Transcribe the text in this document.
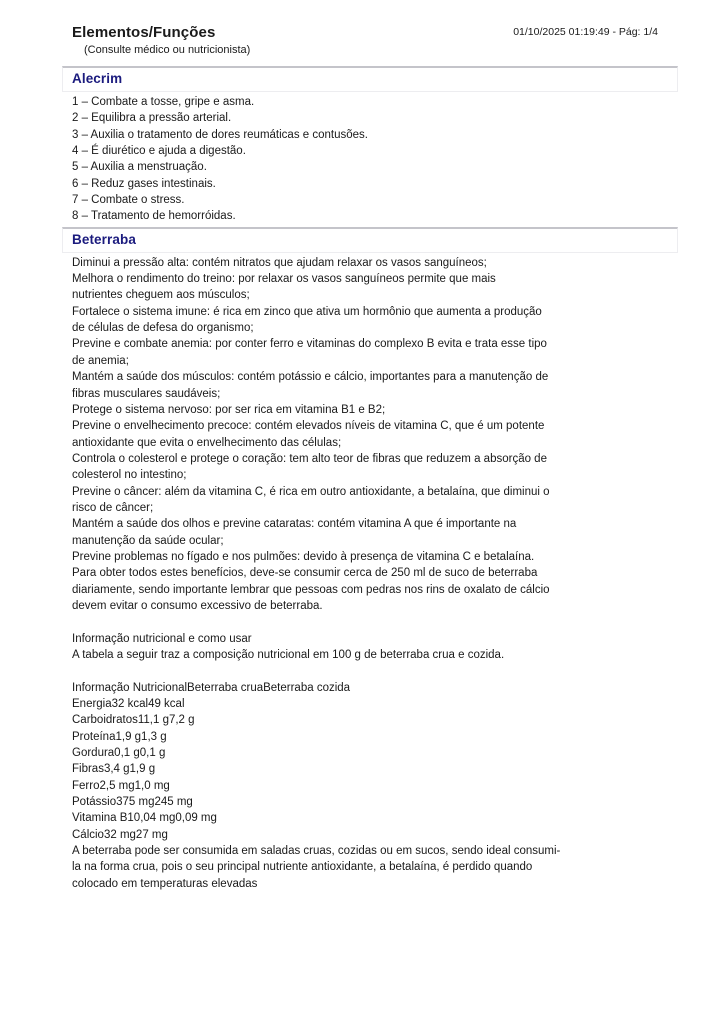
Elementos/Funções
(Consulte médico ou nutricionista)
01/10/2025 01:19:49 - Pág: 1/4
Alecrim
1 – Combate a tosse, gripe e asma.
2 – Equilibra a pressão arterial.
3 – Auxilia o tratamento de dores reumáticas e contusões.
4 – É diurético e ajuda a digestão.
5 – Auxilia a menstruação.
6 – Reduz gases intestinais.
7 – Combate o stress.
8 – Tratamento de hemorróidas.
Beterraba
Diminui a pressão alta: contém nitratos que ajudam relaxar os vasos sanguíneos;
Melhora o rendimento do treino: por relaxar os vasos sanguíneos permite que mais
nutrientes cheguem aos músculos;
Fortalece o sistema imune: é rica em zinco que ativa um hormônio que aumenta a produção
de células de defesa do organismo;
Previne e combate anemia: por conter ferro e vitaminas do complexo B evita e trata esse tipo
de anemia;
Mantém a saúde dos músculos: contém potássio e cálcio, importantes para a manutenção de
fibras musculares saudáveis;
Protege o sistema nervoso: por ser rica em vitamina B1 e B2;
Previne o envelhecimento precoce: contém elevados níveis de vitamina C, que é um potente
antioxidante que evita o envelhecimento das células;
Controla o colesterol e protege o coração: tem alto teor de fibras que reduzem a absorção de
colesterol no intestino;
Previne o câncer: além da vitamina C, é rica em outro antioxidante, a betalaína, que diminui o
risco de câncer;
Mantém a saúde dos olhos e previne cataratas: contém vitamina A que é importante na
manutenção da saúde ocular;
Previne problemas no fígado e nos pulmões: devido à presença de vitamina C e betalaína.
Para obter todos estes benefícios, deve-se consumir cerca de 250 ml de suco de beterraba
diariamente, sendo importante lembrar que pessoas com pedras nos rins de oxalato de cálcio
devem evitar o consumo excessivo de beterraba.
Informação nutricional e como usar
A tabela a seguir traz a composição nutricional em 100 g de beterraba crua e cozida.
Informação NutricionalBeterraba cruaBeterraba cozida
Energia32 kcal49 kcal
Carboidratos11,1 g7,2 g
Proteína1,9 g1,3 g
Gordura0,1 g0,1 g
Fibras3,4 g1,9 g
Ferro2,5 mg1,0 mg
Potássio375 mg245 mg
Vitamina B10,04 mg0,09 mg
Cálcio32 mg27 mg
A beterraba pode ser consumida em saladas cruas, cozidas ou em sucos, sendo ideal consumi-
la na forma crua, pois o seu principal nutriente antioxidante, a betalaína, é perdido quando
colocado em temperaturas elevadas
